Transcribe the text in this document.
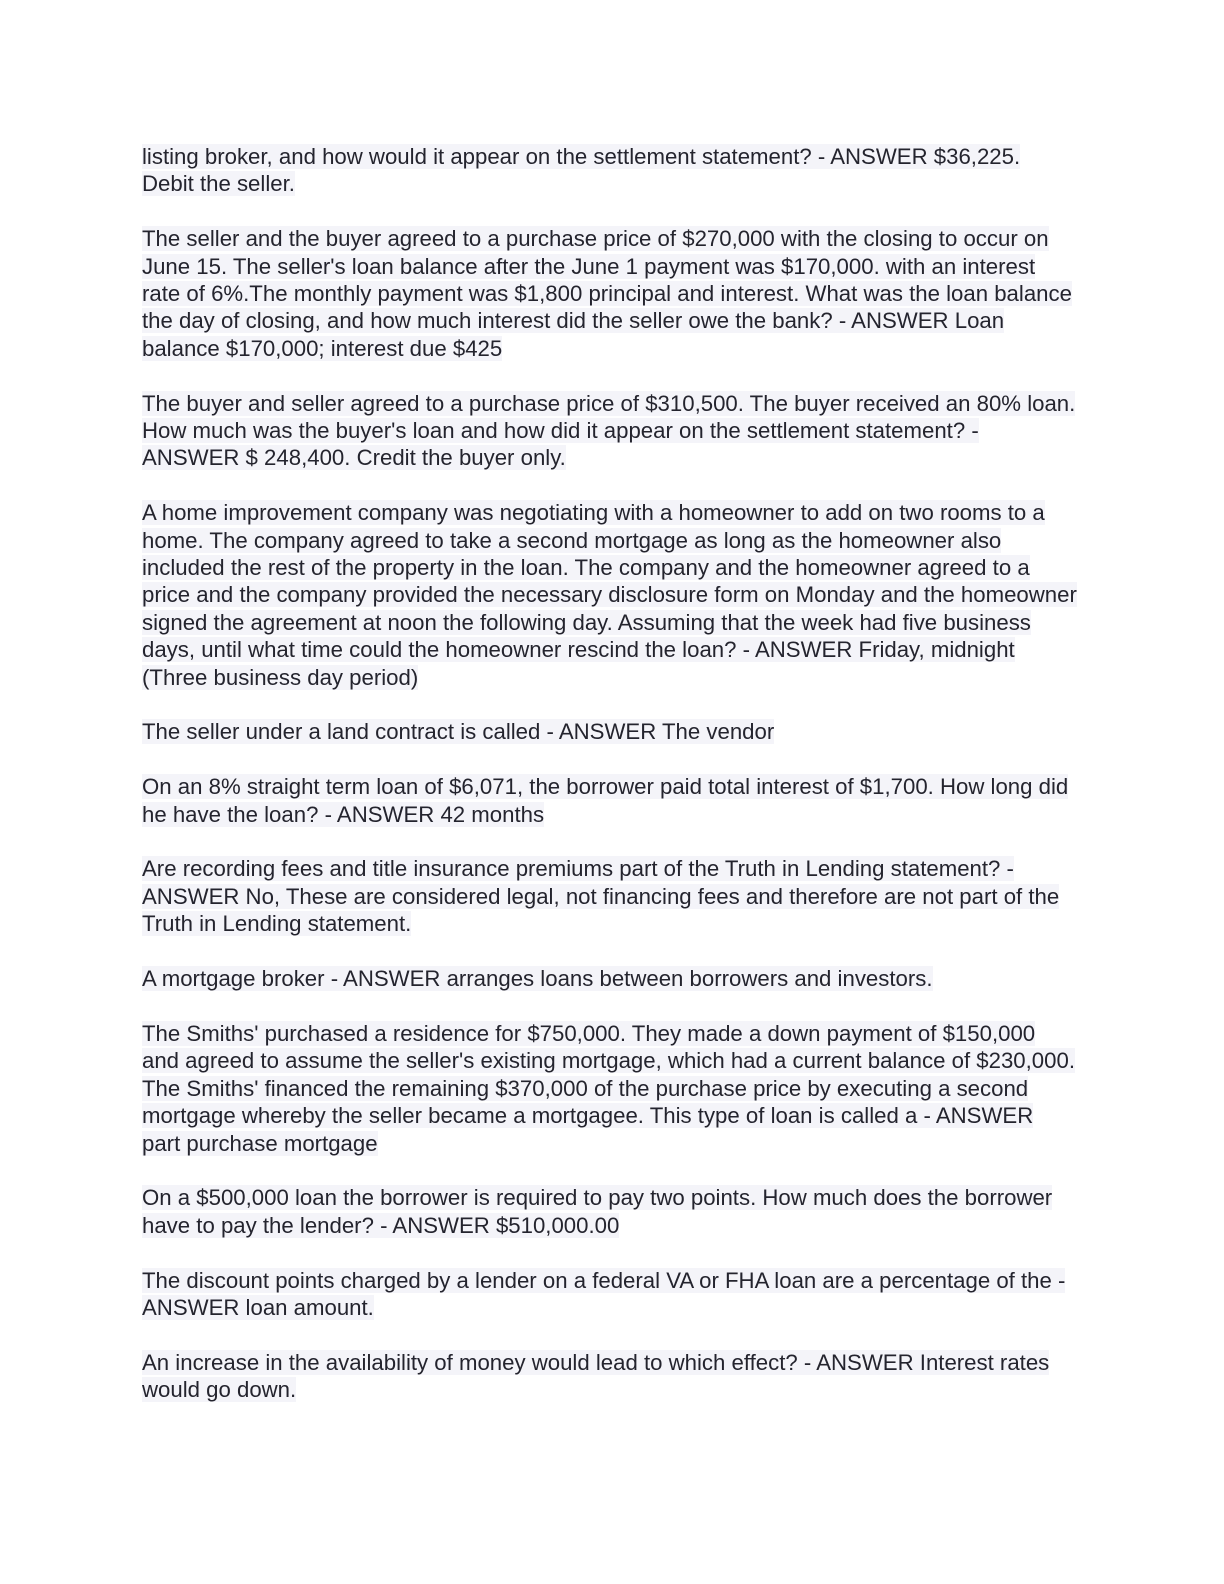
listing broker, and how would it appear on the settlement statement? - ANSWER $36,225. Debit the seller.

The seller and the buyer agreed to a purchase price of $270,000 with the closing to occur on June 15. The seller's loan balance after the June 1 payment was $170,000. with an interest rate of 6%.The monthly payment was $1,800 principal and interest. What was the loan balance the day of closing, and how much interest did the seller owe the bank? - ANSWER Loan balance $170,000; interest due $425

The buyer and seller agreed to a purchase price of $310,500. The buyer received an 80% loan. How much was the buyer's loan and how did it appear on the settlement statement? - ANSWER $ 248,400. Credit the buyer only.

A home improvement company was negotiating with a homeowner to add on two rooms to a home. The company agreed to take a second mortgage as long as the homeowner also included the rest of the property in the loan. The company and the homeowner agreed to a price and the company provided the necessary disclosure form on Monday and the homeowner signed the agreement at noon the following day. Assuming that the week had five business days, until what time could the homeowner rescind the loan? - ANSWER Friday, midnight (Three business day period)

The seller under a land contract is called - ANSWER The vendor

On an 8% straight term loan of $6,071, the borrower paid total interest of $1,700. How long did he have the loan? - ANSWER 42 months

Are recording fees and title insurance premiums part of the Truth in Lending statement? - ANSWER No, These are considered legal, not financing fees and therefore are not part of the Truth in Lending statement.

A mortgage broker - ANSWER arranges loans between borrowers and investors.

The Smiths' purchased a residence for $750,000. They made a down payment of $150,000 and agreed to assume the seller's existing mortgage, which had a current balance of $230,000. The Smiths' financed the remaining $370,000 of the purchase price by executing a second mortgage whereby the seller became a mortgagee. This type of loan is called a - ANSWER part purchase mortgage

On a $500,000 loan the borrower is required to pay two points. How much does the borrower have to pay the lender? - ANSWER $510,000.00

The discount points charged by a lender on a federal VA or FHA loan are a percentage of the - ANSWER loan amount.

An increase in the availability of money would lead to which effect? - ANSWER Interest rates would go down.
